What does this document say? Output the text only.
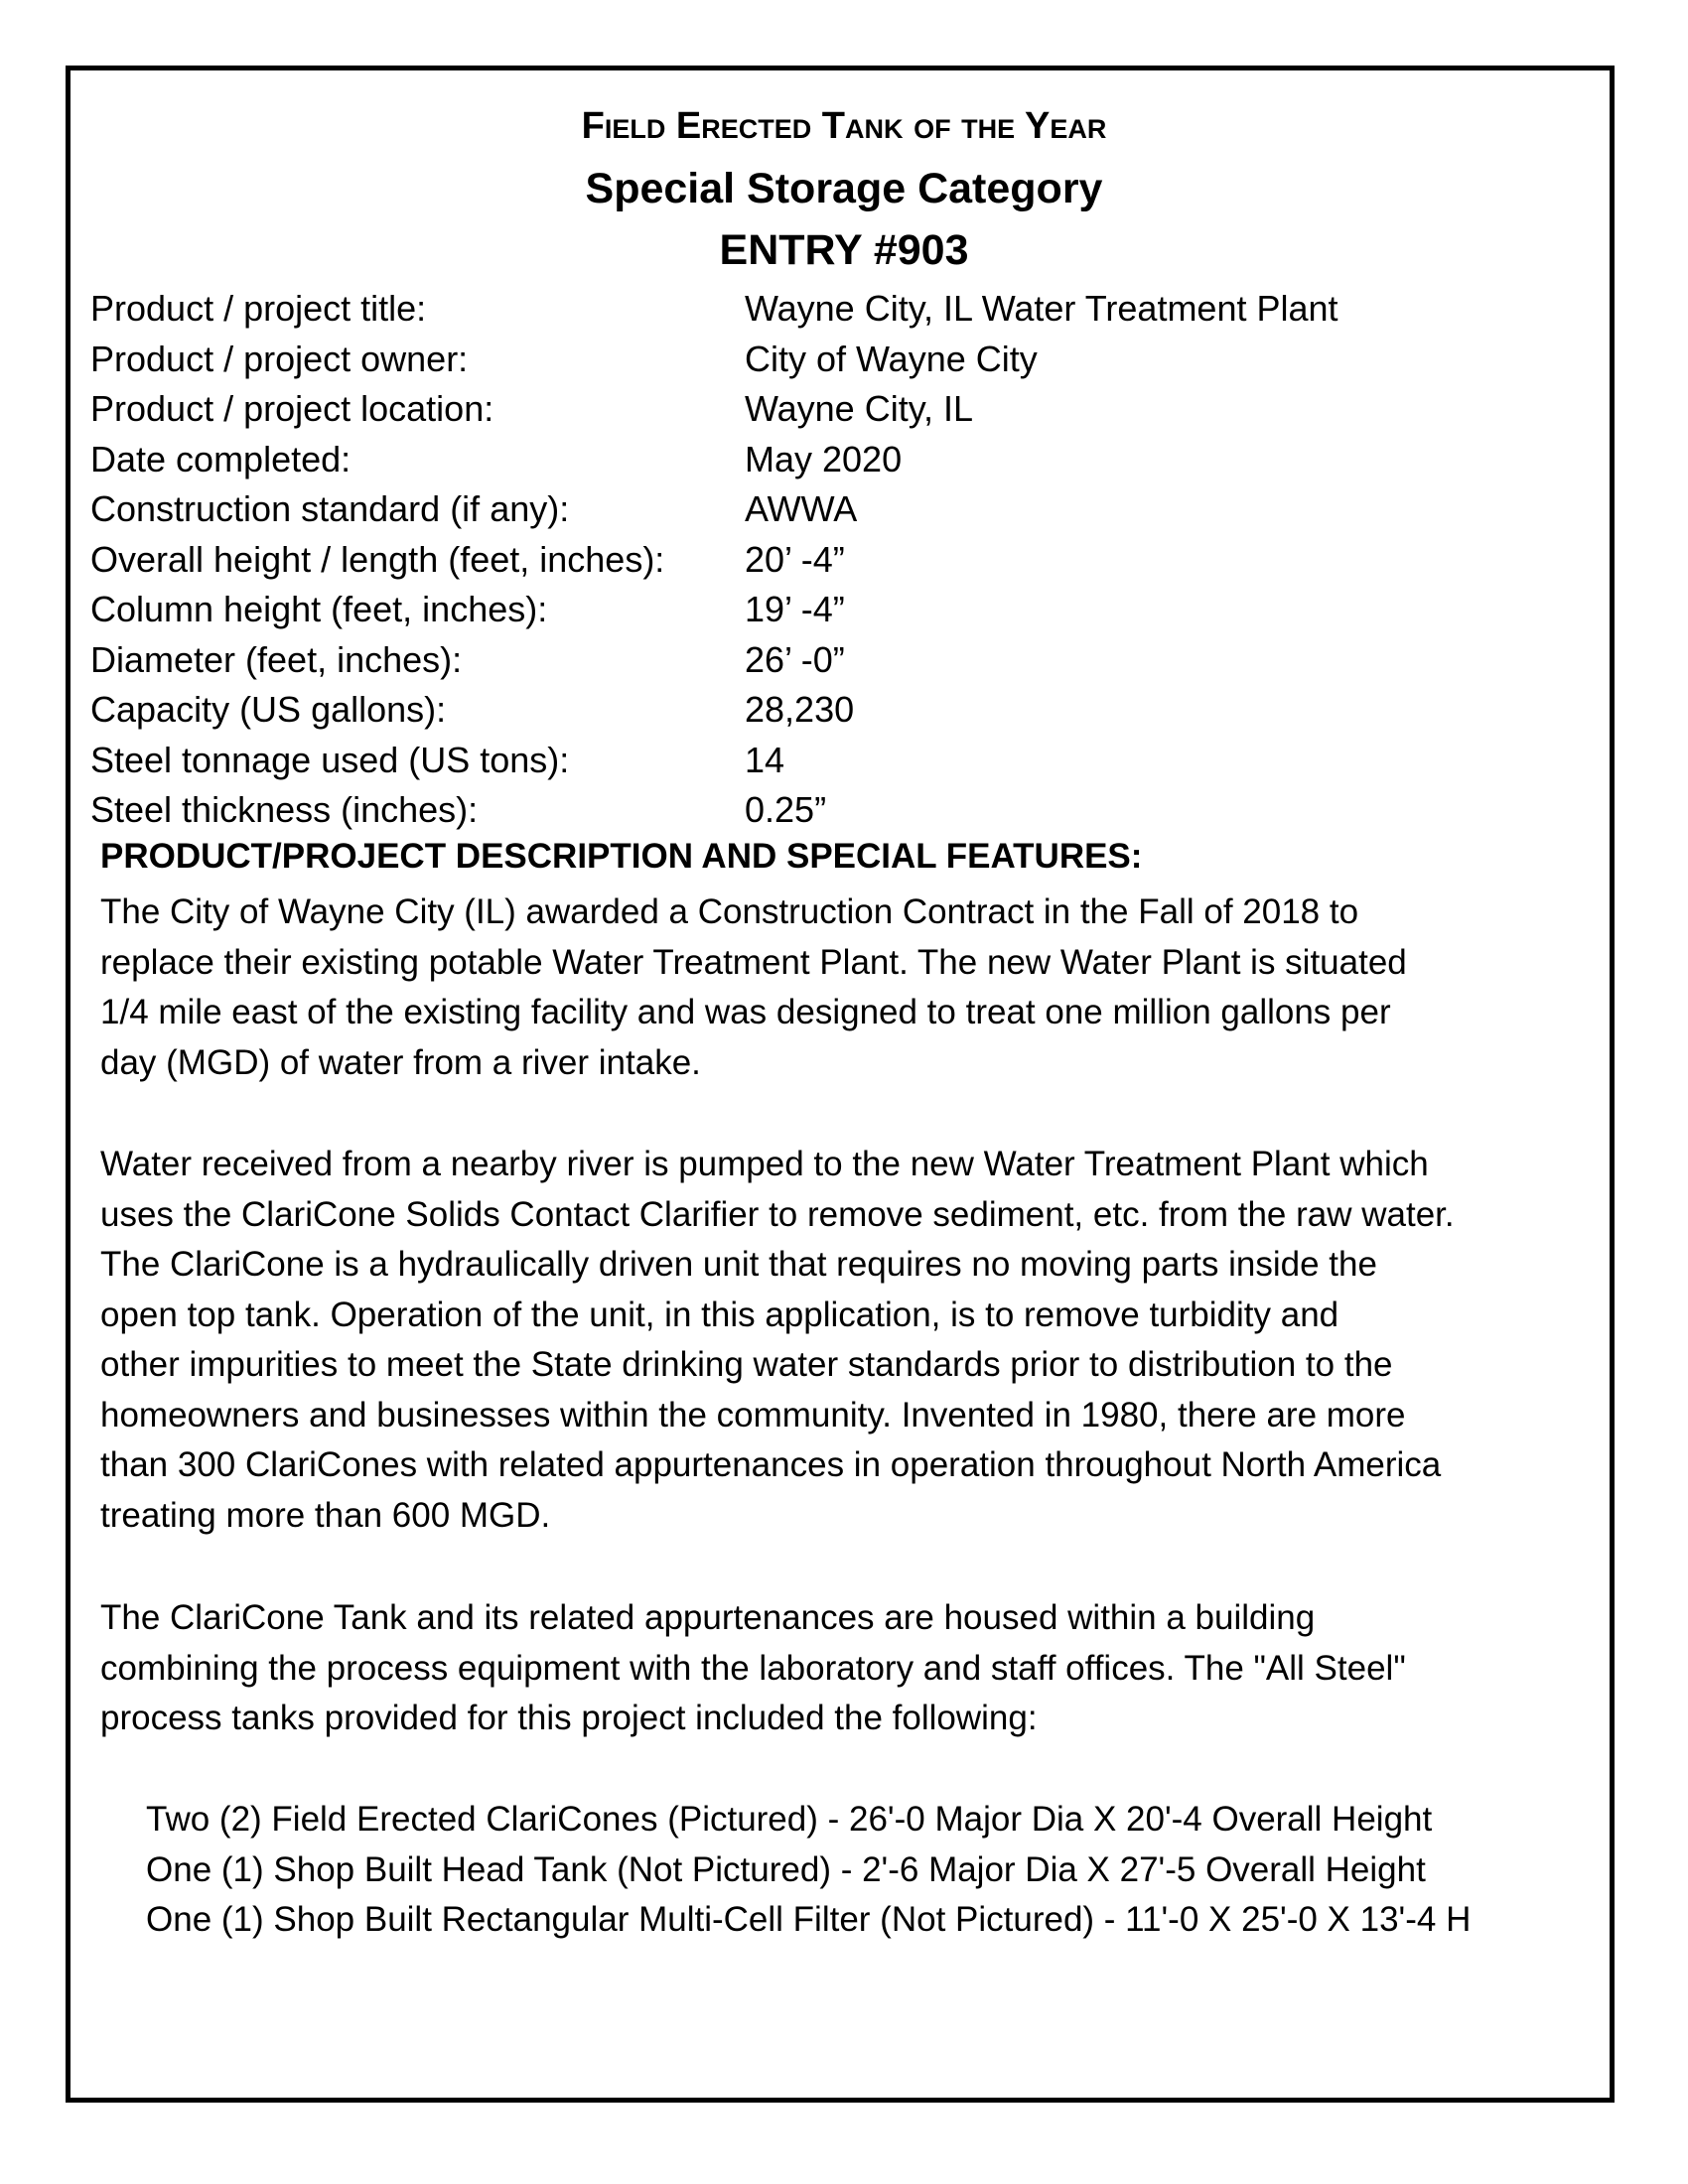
Field Erected Tank of the Year
Special Storage Category
ENTRY #903
Product / project title:	Wayne City, IL Water Treatment Plant
Product / project owner:	City of Wayne City
Product / project location:	Wayne City, IL
Date completed:	May 2020
Construction standard (if any):	AWWA
Overall height / length (feet, inches): 20’ -4”
Column height (feet, inches):	19’ -4”
Diameter (feet, inches):	26’ -0”
Capacity (US gallons):	28,230
Steel tonnage used (US tons):	14
Steel thickness (inches):	0.25”
PRODUCT/PROJECT DESCRIPTION AND SPECIAL FEATURES:
The City of Wayne City (IL) awarded a Construction Contract in the Fall of 2018 to
replace their existing potable Water Treatment Plant. The new Water Plant is situated
1/4 mile east of the existing facility and was designed to treat one million gallons per
day (MGD) of water from a river intake.
Water received from a nearby river is pumped to the new Water Treatment Plant which
uses the ClariCone Solids Contact Clarifier to remove sediment, etc. from the raw water.
The ClariCone is a hydraulically driven unit that requires no moving parts inside the
open top tank. Operation of the unit, in this application, is to remove turbidity and
other impurities to meet the State drinking water standards prior to distribution to the
homeowners and businesses within the community. Invented in 1980, there are more
than 300 ClariCones with related appurtenances in operation throughout North America
treating more than 600 MGD.
The ClariCone Tank and its related appurtenances are housed within a building
combining the process equipment with the laboratory and staff offices. The "All Steel"
process tanks provided for this project included the following:
Two (2) Field Erected ClariCones (Pictured) - 26'-0 Major Dia X 20'-4 Overall Height
One (1) Shop Built Head Tank (Not Pictured) - 2'-6 Major Dia X 27'-5 Overall Height
One (1) Shop Built Rectangular Multi-Cell Filter (Not Pictured) - 11'-0 X 25'-0 X 13'-4 H
